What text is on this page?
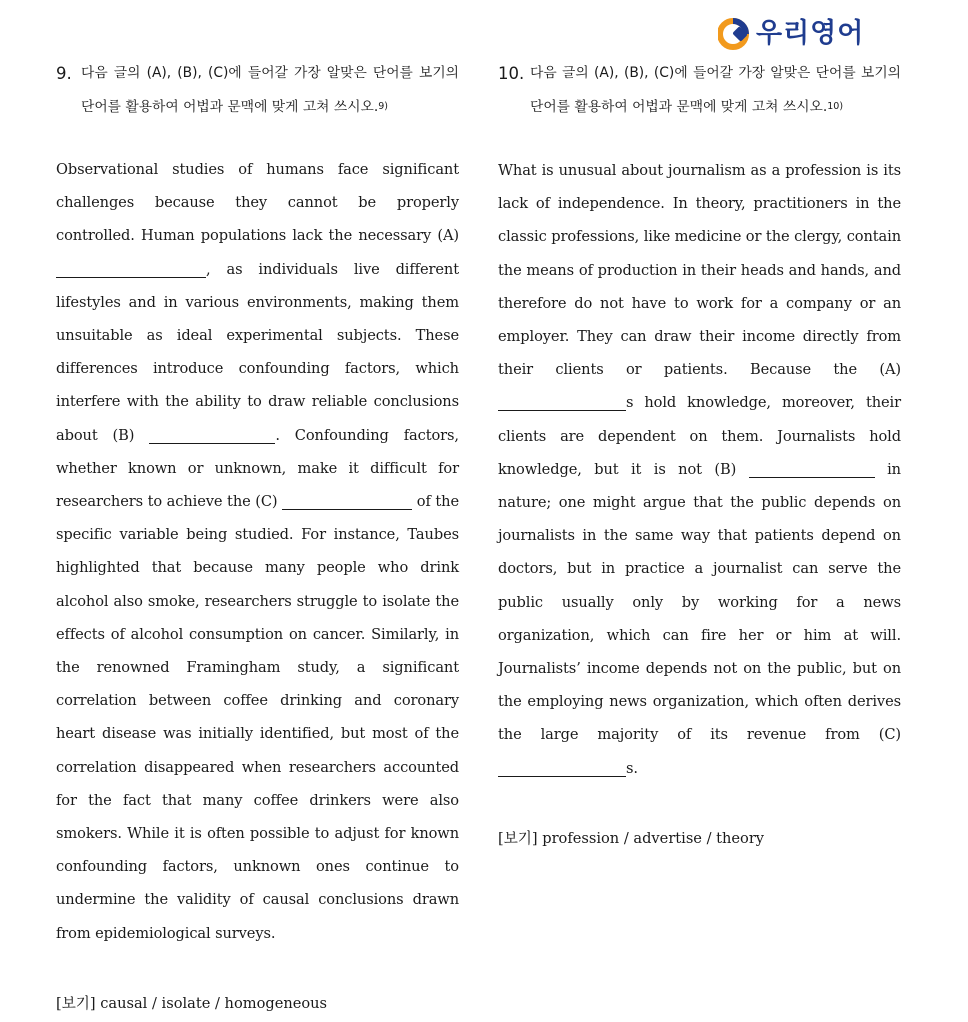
우리영어
9. 다음 글의 (A), (B), (C)에 들어갈 가장 알맞은 단어를 보기의 단어를 활용하여 어법과 문맥에 맞게 고쳐 쓰시오.$^{9)}$
Observational studies of humans face significant challenges because they cannot be properly controlled. Human populations lack the necessary (A) , as individuals live different lifestyles and in various environments, making them unsuitable as ideal experimental subjects. These differences introduce confounding factors, which interfere with the ability to draw reliable conclusions about (B)	. Confounding factors, whether known or unknown, make it difficult for researchers to achieve the (C)	of the specific variable being studied. For instance, Taubes highlighted that because many people who drink alcohol also smoke, researchers struggle to isolate the effects of alcohol consumption on cancer. Similarly, in the renowned Framingham study, a significant correlation between coffee drinking and coronary heart disease was initially identified, but most of the correlation disappeared when researchers accounted for the fact that many coffee drinkers were also smokers. While it is often possible to adjust for known confounding factors, unknown ones continue to undermine the validity of causal conclusions drawn from epidemiological surveys.
[보기] causal / isolate / homogeneous
10. 다음 글의 (A), (B), (C)에 들어갈 가장 알맞은 단어를 보기의 단어를 활용하여 어법과 문맥에 맞게 고쳐 쓰시오.$^{10)}$
What is unusual about journalism as a profession is its lack of independence. In theory, practitioners in the classic professions, like medicine or the clergy, contain the means of production in their heads and hands, and therefore do not have to work for a company or an employer. They can draw their income directly from their clients or patients. Because the (A) s hold knowledge, moreover, their clients are dependent on them. Journalists hold knowledge, but it is not (B)	in nature; one might argue that the public depends on journalists in the same way that patients depend on doctors, but in practice a journalist can serve the public usually only by working for a news organization, which can fire her or him at will. Journalists’ income depends not on the public, but on the employing news organization, which often derives the large majority of its revenue from (C) s.
[보기] profession / advertise / theory
